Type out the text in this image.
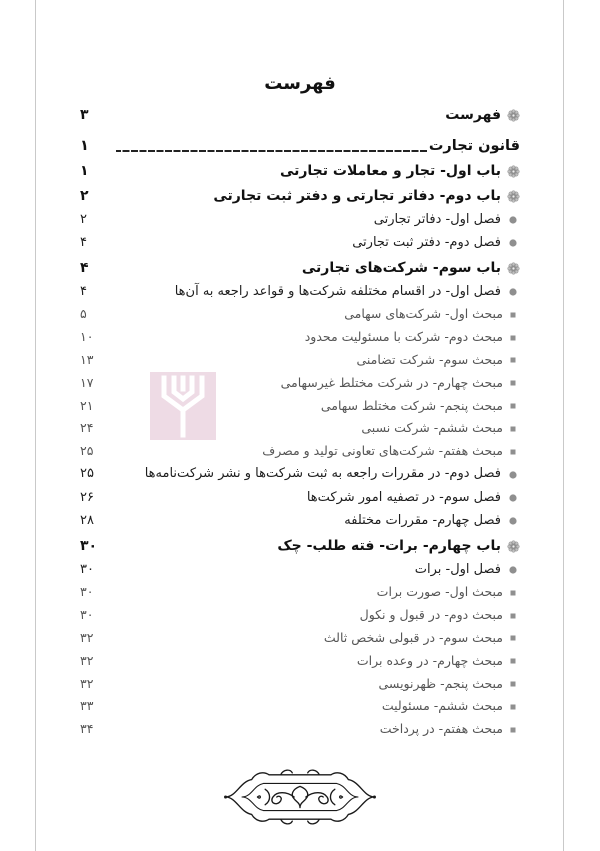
فهرست
فهرست
۳
قانون تجارت
۱
باب اول- تجار و معاملات تجارتی
۱
باب دوم- دفاتر تجارتی و دفتر ثبت تجارتی
۲
فصل اول- دفاتر تجارتی
۲
فصل دوم- دفتر ثبت تجارتی
۴
باب سوم- شرکت‌های تجارتی
۴
فصل اول- در اقسام مختلفه شرکت‌ها و قواعد راجعه به آن‌ها
۴
مبحث اول- شرکت‌های سهامی
۵
مبحث دوم- شرکت با مسئولیت محدود
۱۰
مبحث سوم- شرکت تضامنی
۱۳
مبحث چهارم- در شرکت مختلط غیرسهامی
۱۷
مبحث پنجم- شرکت مختلط سهامی
۲۱
مبحث ششم- شرکت نسبی
۲۴
مبحث هفتم- شرکت‌های تعاونی تولید و مصرف
۲۵
فصل دوم- در مقررات راجعه به ثبت شرکت‌ها و نشر شرکت‌نامه‌ها
۲۵
فصل سوم- در تصفیه امور شرکت‌ها
۲۶
فصل چهارم- مقررات مختلفه
۲۸
باب چهارم- برات- فته طلب- چک
۳۰
فصل اول- برات
۳۰
مبحث اول- صورت برات
۳۰
مبحث دوم- در قبول و نکول
۳۰
مبحث سوم- در قبولی شخص ثالث
۳۲
مبحث چهارم- در وعده برات
۳۲
مبحث پنجم- ظهرنویسی
۳۲
مبحث ششم- مسئولیت
۳۳
مبحث هفتم- در پرداخت
۳۴
